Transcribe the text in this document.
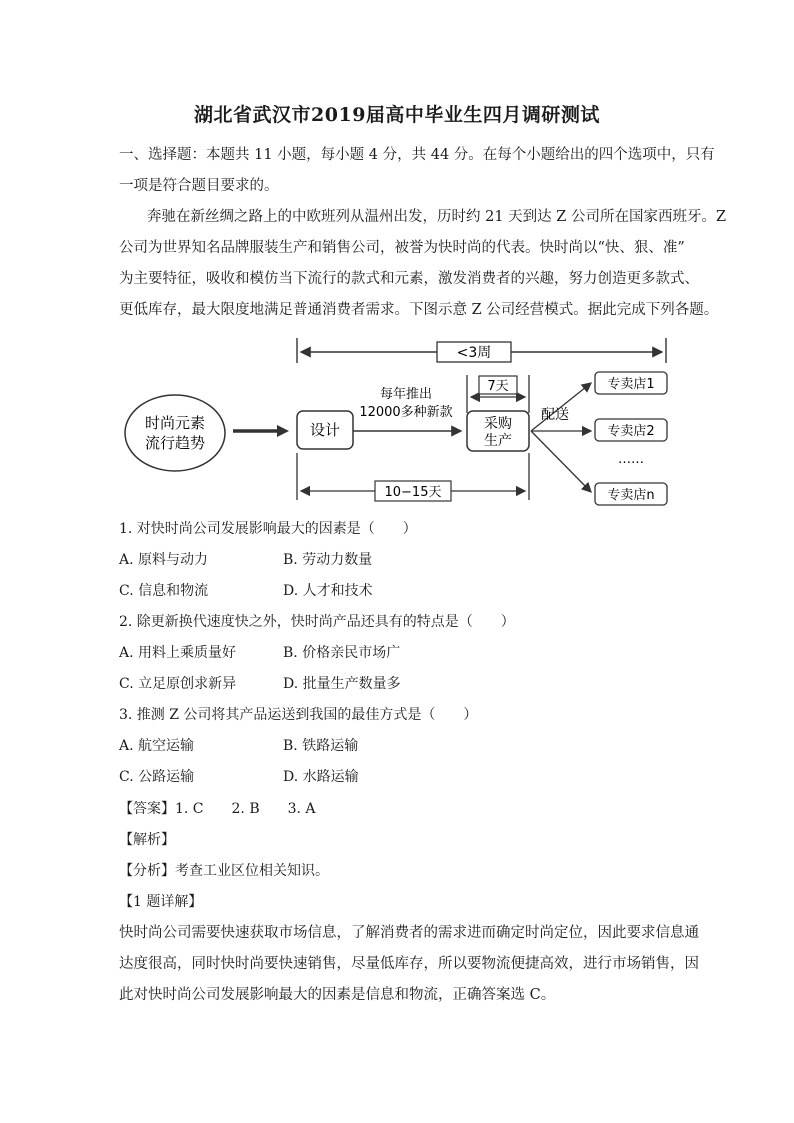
湖北省武汉市2019届高中毕业生四月调研测试
一、选择题：本题共 11 小题，每小题 4 分，共 44 分。在每个小题给出的四个选项中，只有
一项是符合题目要求的。
奔驰在新丝绸之路上的中欧班列从温州出发，历时约 21 天到达 Z 公司所在国家西班牙。Z
公司为世界知名品牌服装生产和销售公司，被誉为快时尚的代表。快时尚以“快、狠、准”
为主要特征，吸收和模仿当下流行的款式和元素，激发消费者的兴趣，努力创造更多款式、
更低库存，最大限度地满足普通消费者需求。下图示意 Z 公司经营模式。据此完成下列各题。
<3周
7天
时尚元素
流行趋势
设计
每年推出
12000多种新款
采购
生产
配送
专卖店1
专卖店2
……
专卖店n
10−15天
1. 对快时尚公司发展影响最大的因素是（　　）
A. 原料与动力	B. 劳动力数量
C. 信息和物流	D. 人才和技术
2. 除更新换代速度快之外，快时尚产品还具有的特点是（　　）
A. 用料上乘质量好	B. 价格亲民市场广
C. 立足原创求新异	D. 批量生产数量多
3. 推测 Z 公司将其产品运送到我国的最佳方式是（　　）
A. 航空运输	B. 铁路运输
C. 公路运输	D. 水路运输
【答案】1. C　　2. B　　3. A
【解析】
【分析】考查工业区位相关知识。
【1 题详解】
快时尚公司需要快速获取市场信息，了解消费者的需求进而确定时尚定位，因此要求信息通
达度很高，同时快时尚要快速销售，尽量低库存，所以要物流便捷高效，进行市场销售，因
此对快时尚公司发展影响最大的因素是信息和物流，正确答案选 C。
